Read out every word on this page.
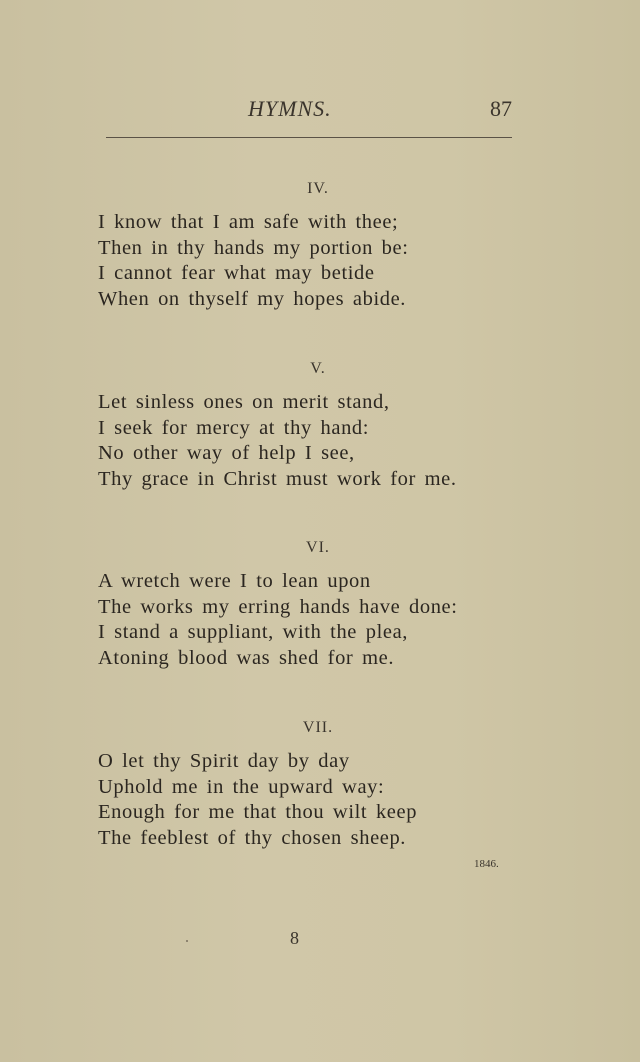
HYMNS.	87
IV.
I know that I am safe with thee;
Then in thy hands my portion be:
I cannot fear what may betide
When on thyself my hopes abide.
V.
Let sinless ones on merit stand,
I seek for mercy at thy hand:
No other way of help I see,
Thy grace in Christ must work for me.
VI.
A wretch were I to lean upon
The works my erring hands have done:
I stand a suppliant, with the plea,
Atoning blood was shed for me.
VII.
O let thy Spirit day by day
Uphold me in the upward way:
Enough for me that thou wilt keep
The feeblest of thy chosen sheep.
1846.
8
